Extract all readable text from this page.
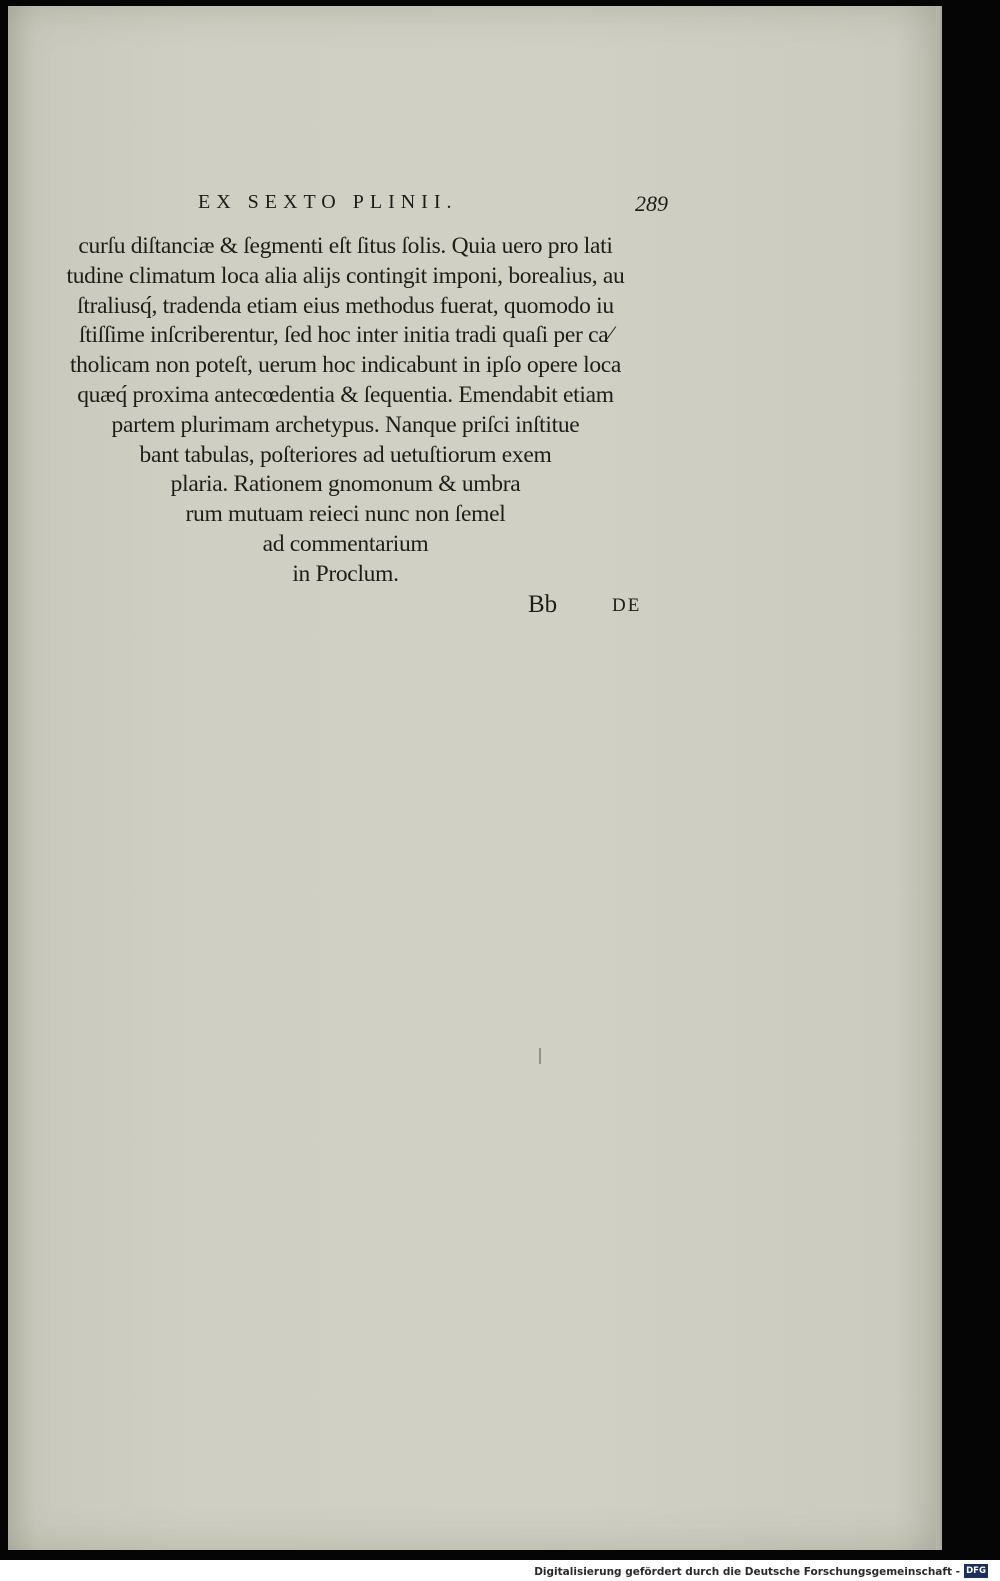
EX SEXTO PLINII.	289
curſu diſtanciæ & ſegmenti eſt ſitus ſolis. Quia uero pro lati
tudine climatum loca alia alijs contingit imponi, borealius, au
ſtraliusq́, tradenda etiam eius methodus fuerat, quomodo iu
ſtiſſime inſcriberentur, ſed hoc inter initia tradi quaſi per ca⁄
tholicam non poteſt, uerum hoc indicabunt in ipſo opere loca
quæq́ proxima antecœdentia & ſequentia. Emendabit etiam
partem plurimam archetypus. Nanque priſci inſtitue
bant tabulas, poſteriores ad uetuſtiorum exem
plaria. Rationem gnomonum & umbra
rum mutuam reieci nunc non ſemel
ad commentarium
in Proclum.
Bb	DE
Digitalisierung gefördert durch die Deutsche Forschungsgemeinschaft - DFG
